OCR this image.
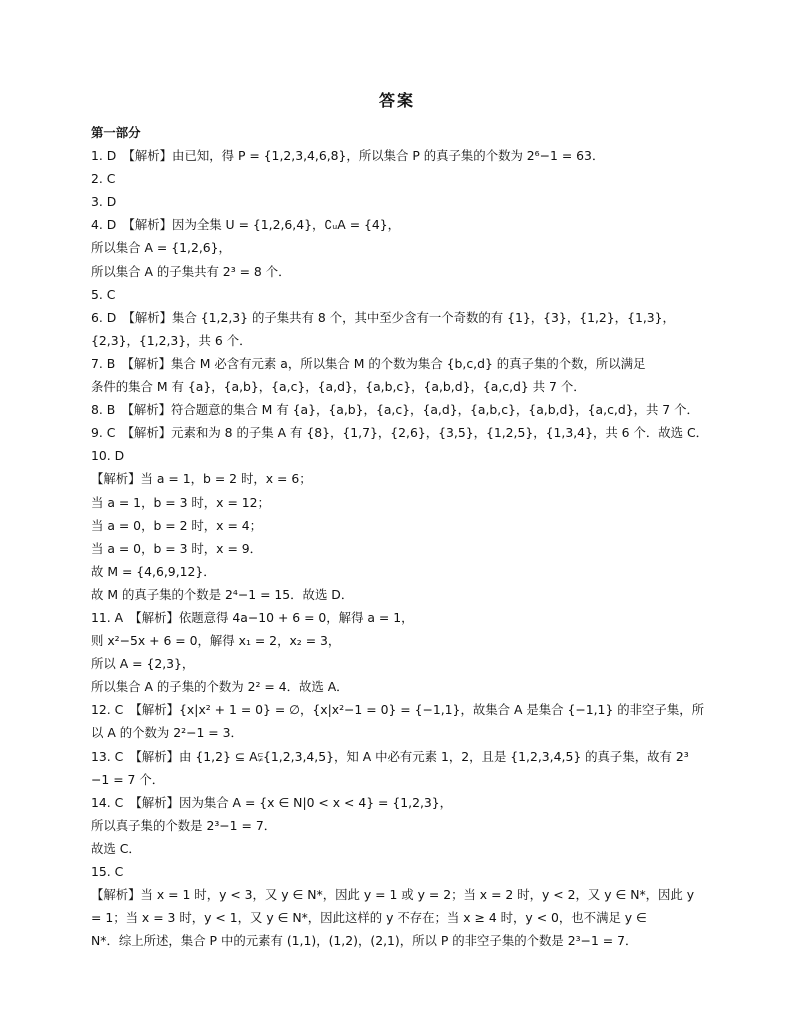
答案
第一部分
1. D　【解析】由已知，得 P = {1,2,3,4,6,8}，所以集合 P 的真子集的个数为 2⁶−1 = 63．
2. C
3. D
4. D　【解析】因为全集 U = {1,2,6,4}，∁ᵤA = {4}，
所以集合 A = {1,2,6}，
所以集合 A 的子集共有 2³ = 8 个．
5. C
6. D　【解析】集合 {1,2,3} 的子集共有 8 个，其中至少含有一个奇数的有 {1}，{3}，{1,2}，{1,3}，
{2,3}，{1,2,3}，共 6 个．
7. B　【解析】集合 M 必含有元素 a，所以集合 M 的个数为集合 {b,c,d} 的真子集的个数，所以满足
条件的集合 M 有 {a}，{a,b}，{a,c}，{a,d}，{a,b,c}，{a,b,d}，{a,c,d} 共 7 个．
8. B　【解析】符合题意的集合 M 有 {a}，{a,b}，{a,c}，{a,d}，{a,b,c}，{a,b,d}，{a,c,d}，共 7 个．
9. C　【解析】元素和为 8 的子集 A 有 {8}，{1,7}，{2,6}，{3,5}，{1,2,5}，{1,3,4}，共 6 个．故选 C．
10. D
【解析】当 a = 1，b = 2 时，x = 6；
当 a = 1，b = 3 时，x = 12；
当 a = 0，b = 2 时，x = 4；
当 a = 0，b = 3 时，x = 9．
故 M = {4,6,9,12}．
故 M 的真子集的个数是 2⁴−1 = 15．故选 D．
11. A　【解析】依题意得 4a−10 + 6 = 0，解得 a = 1，
则 x²−5x + 6 = 0，解得 x₁ = 2，x₂ = 3，
所以 A = {2,3}，
所以集合 A 的子集的个数为 2² = 4．故选 A．
12. C　【解析】{x|x² + 1 = 0} = ∅，{x|x²−1 = 0} = {−1,1}，故集合 A 是集合 {−1,1} 的非空子集，所
以 A 的个数为 2²−1 = 3．
13. C　【解析】由 {1,2} ⊆ A⫋{1,2,3,4,5}，知 A 中必有元素 1，2，且是 {1,2,3,4,5} 的真子集，故有 2³
−1 = 7 个．
14. C　【解析】因为集合 A = {x ∈ N|0 < x < 4} = {1,2,3}，
所以真子集的个数是 2³−1 = 7．
故选 C．
15. C
【解析】当 x = 1 时，y < 3，又 y ∈ N*，因此 y = 1 或 y = 2；当 x = 2 时，y < 2，又 y ∈ N*，因此 y
= 1；当 x = 3 时，y < 1，又 y ∈ N*，因此这样的 y 不存在；当 x ≥ 4 时，y < 0，也不满足 y ∈
N*．综上所述，集合 P 中的元素有 (1,1)，(1,2)，(2,1)，所以 P 的非空子集的个数是 2³−1 = 7．
